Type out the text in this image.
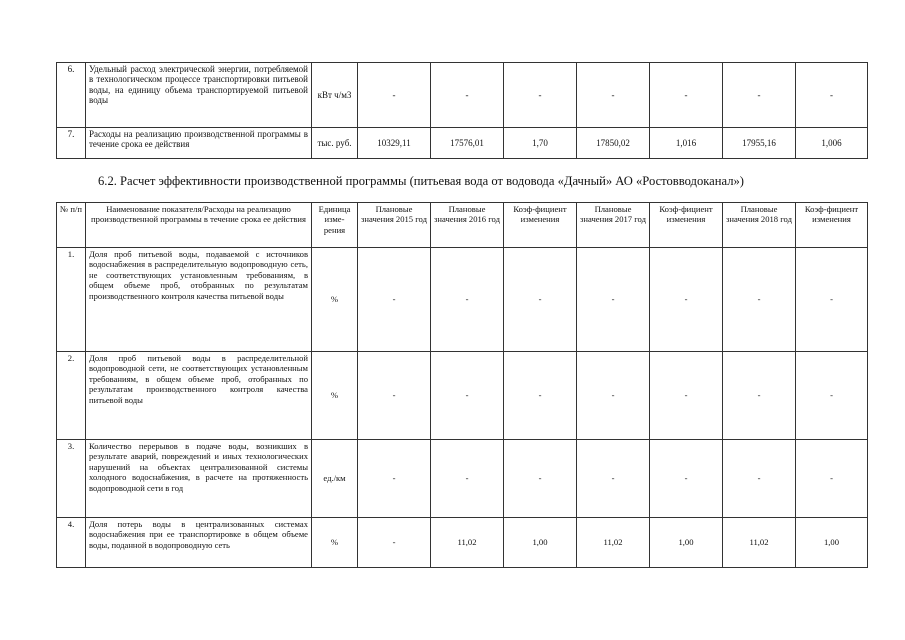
6.	Удельный расход электрической энергии, потребляемой в технологическом процессе транспортировки питьевой воды, на единицу объема транспортируемой питьевой воды	кВт ч/м3	-	-	-	-	-	-	-
7.	Расходы на реализацию производственной программы в течение срока ее действия	тыс. руб.	10329,11	17576,01	1,70	17850,02	1,016	17955,16	1,006
6.2. Расчет эффективности производственной программы (питьевая вода от водовода «Дачный» АО «Ростовводоканал»)
№ п/п	Наименование показателя/Расходы на реализацию производственной программы в течение срока ее действия	Единица изме-рения	Плановые значения 2015 год	Плановые значения 2016 год	Коэф-фициент изменения	Плановые значения 2017 год	Коэф-фициент изменения	Плановые значения 2018 год	Коэф-фициент изменения
1.	Доля проб питьевой воды, подаваемой с источников водоснабжения в распределительную водопроводную сеть, не соответствующих установленным требованиям, в общем объеме проб, отобранных по результатам производственного контроля качества питьевой воды	%	-	-	-	-	-	-	-
2.	Доля проб питьевой воды в распределительной водопроводной сети, не соответствующих установленным требованиям, в общем объеме проб, отобранных по результатам производственного контроля качества питьевой воды	%	-	-	-	-	-	-	-
3.	Количество перерывов в подаче воды, возникших в результате аварий, повреждений и иных технологических нарушений на объектах централизованной системы холодного водоснабжения, в расчете на протяженность водопроводной сети в год	ед./км	-	-	-	-	-	-	-
4.	Доля потерь воды в централизованных системах водоснабжения при ее транспортировке в общем объеме воды, поданной в водопроводную сеть	%	-	11,02	1,00	11,02	1,00	11,02	1,00
